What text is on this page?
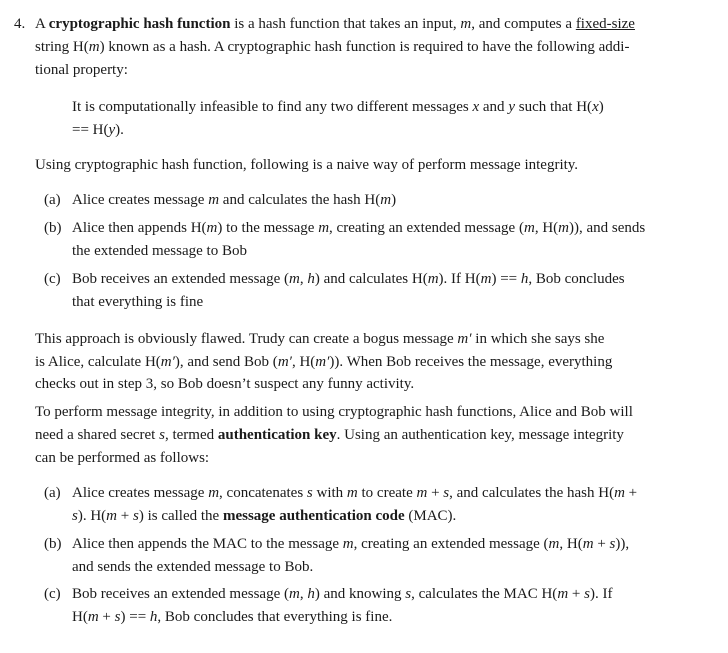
4. A cryptographic hash function is a hash function that takes an input, m, and computes a fixed-size
string H(m) known as a hash. A cryptographic hash function is required to have the following addi-
tional property:
It is computationally infeasible to find any two different messages x and y such that H(x)
== H(y).
Using cryptographic hash function, following is a naive way of perform message integrity.
(a) Alice creates message m and calculates the hash H(m)
(b) Alice then appends H(m) to the message m, creating an extended message (m, H(m)), and sends
the extended message to Bob
(c) Bob receives an extended message (m, h) and calculates H(m). If H(m) == h, Bob concludes
that everything is fine
This approach is obviously flawed. Trudy can create a bogus message m′ in which she says she
is Alice, calculate H(m′), and send Bob (m′, H(m′)). When Bob receives the message, everything
checks out in step 3, so Bob doesn’t suspect any funny activity.
To perform message integrity, in addition to using cryptographic hash functions, Alice and Bob will
need a shared secret s, termed authentication key. Using an authentication key, message integrity
can be performed as follows:
(a) Alice creates message m, concatenates s with m to create m + s, and calculates the hash H(m +
s). H(m + s) is called the message authentication code (MAC).
(b) Alice then appends the MAC to the message m, creating an extended message (m, H(m + s)),
and sends the extended message to Bob.
(c) Bob receives an extended message (m, h) and knowing s, calculates the MAC H(m + s). If
H(m + s) == h, Bob concludes that everything is fine.
